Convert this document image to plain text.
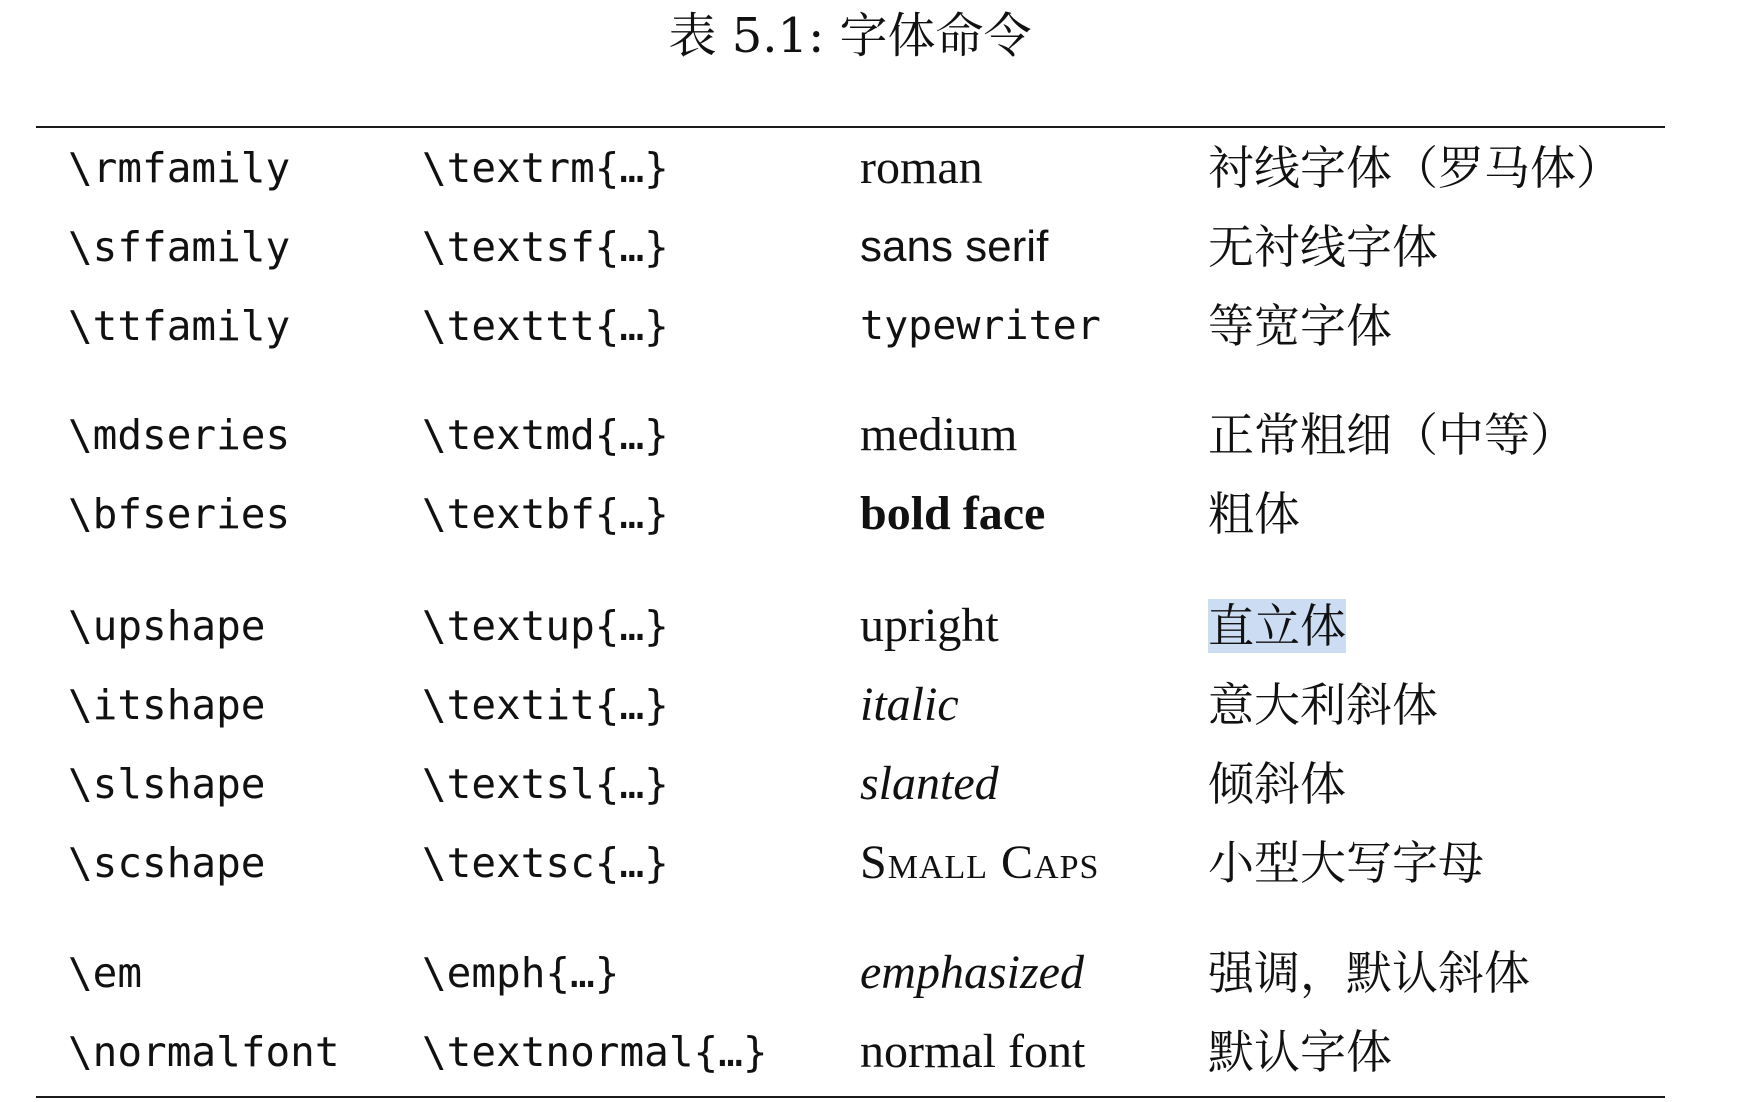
表 5.1: 字体命令
\rmfamily	\textrm{…}	roman	衬线字体（罗马体）
\sffamily	\textsf{…}	sans serif	无衬线字体
\ttfamily	\texttt{…}	typewriter 等宽字体
\mdseries	\textmd{…}	medium	正常粗细（中等）
\bfseries	\textbf{…}	bold face	粗体
\upshape	\textup{…}	upright	直立体
\itshape	\textit{…}	italic	意大利斜体
\slshape	\textsl{…}	slanted	倾斜体
\scshape	\textsc{…}	Small Caps 小型大写字母
\em	\emph{…}	emphasized	强调，默认斜体
\normalfont \textnormal{…} normal font	默认字体
